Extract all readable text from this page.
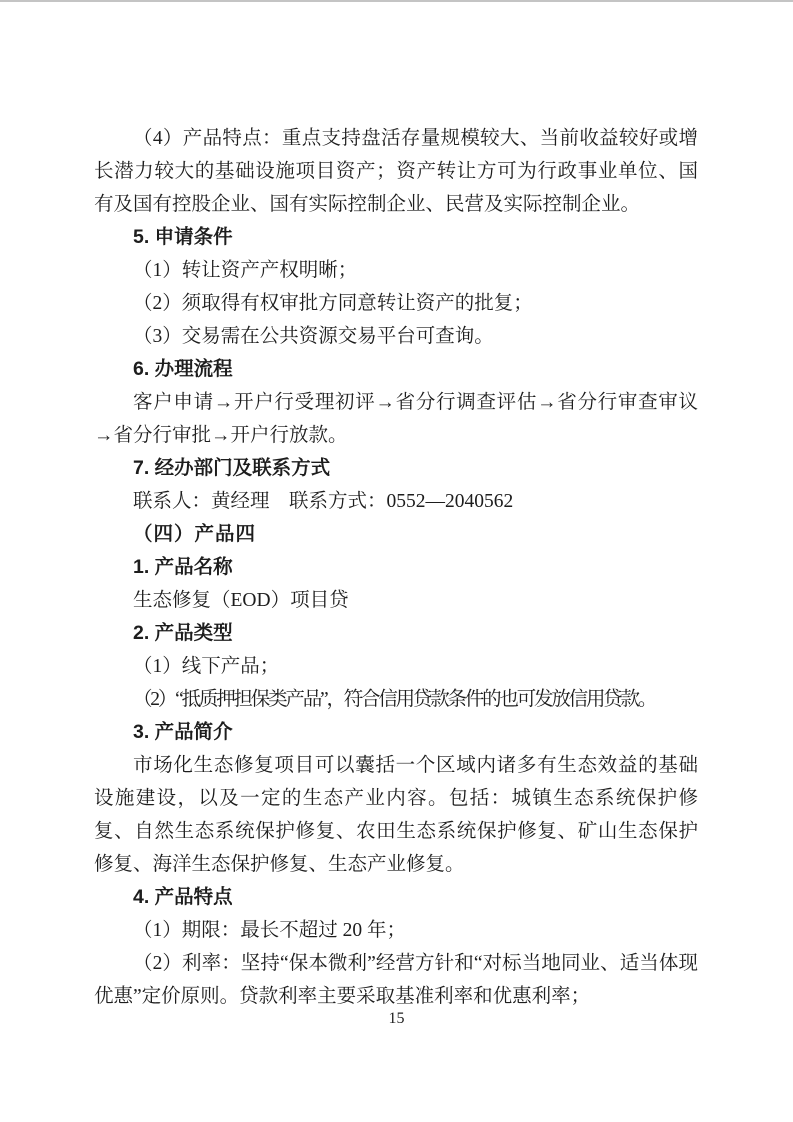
（4）产品特点：重点支持盘活存量规模较大、当前收益较好或增长潜力较大的基础设施项目资产；资产转让方可为行政事业单位、国有及国有控股企业、国有实际控制企业、民营及实际控制企业。
5. 申请条件
（1）转让资产产权明晰；
（2）须取得有权审批方同意转让资产的批复；
（3）交易需在公共资源交易平台可查询。
6. 办理流程
客户申请→开户行受理初评→省分行调查评估→省分行审查审议→省分行审批→开户行放款。
7. 经办部门及联系方式
联系人：黄经理　联系方式：0552—2040562
（四）产品四
1. 产品名称
生态修复（EOD）项目贷
2. 产品类型
（1）线下产品；
（2）“抵质押担保类产品”，符合信用贷款条件的也可发放信用贷款。
3. 产品简介
市场化生态修复项目可以囊括一个区域内诸多有生态效益的基础设施建设，以及一定的生态产业内容。包括：城镇生态系统保护修复、自然生态系统保护修复、农田生态系统保护修复、矿山生态保护修复、海洋生态保护修复、生态产业修复。
4. 产品特点
（1）期限：最长不超过 20 年；
（2）利率：坚持“保本微利”经营方针和“对标当地同业、适当体现优惠”定价原则。贷款利率主要采取基准利率和优惠利率；
15
